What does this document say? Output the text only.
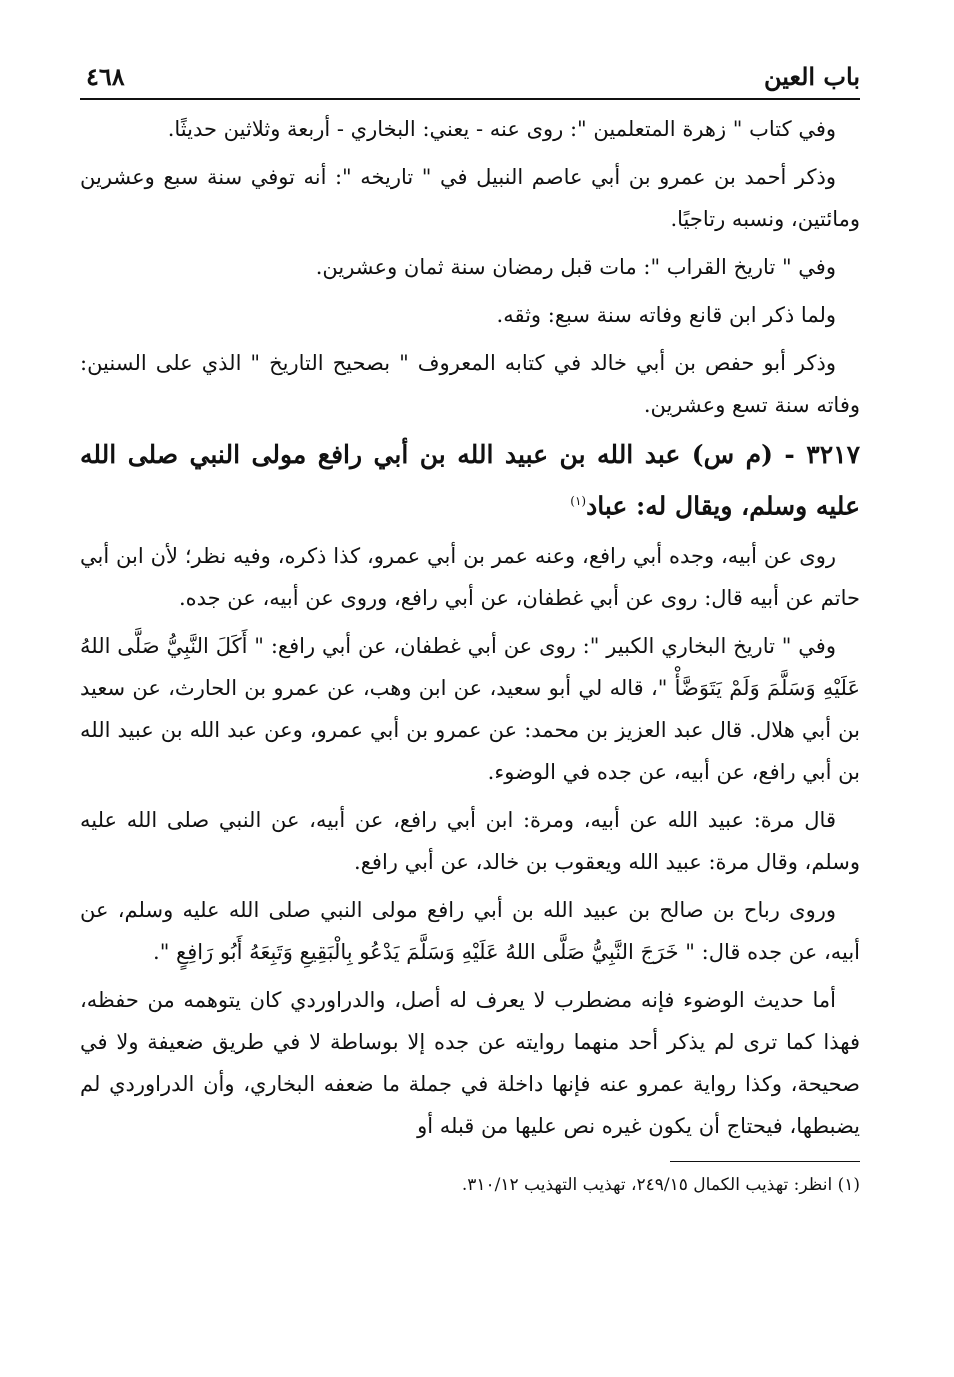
٤٦٨	باب العين

وفي كتاب " زهرة المتعلمين ": روى عنه - يعني: البخاري - أربعة وثلاثين حديثًا.

وذكر أحمد بن عمرو بن أبي عاصم النبيل في " تاريخه ": أنه توفي سنة سبع وعشرين ومائتين، ونسبه رتاجيًا.

وفي " تاريخ القراب ": مات قبل رمضان سنة ثمان وعشرين.

ولما ذكر ابن قانع وفاته سنة سبع: وثقه.

وذكر أبو حفص بن أبي خالد في كتابه المعروف " بصحيح التاريخ " الذي على السنين: وفاته سنة تسع وعشرين.

٣٢١٧ - (م س) عبد الله بن عبيد الله بن أبي رافع مولى النبي صلى الله عليه وسلم، ويقال له: عباد$^{(١)}$

روى عن أبيه، وجده أبي رافع، وعنه عمر بن أبي عمرو، كذا ذكره، وفيه نظر؛ لأن ابن أبي حاتم عن أبيه قال: روى عن أبي غطفان، عن أبي رافع، وروى عن أبيه، عن جده.

وفي " تاريخ البخاري الكبير ": روى عن أبي غطفان، عن أبي رافع: " أَكَلَ النَّبِيُّ صَلَّى اللهُ عَلَيْهِ وَسَلَّمَ وَلَمْ يَتَوَضَّأْ "، قاله لي أبو سعيد، عن ابن وهب، عن عمرو بن الحارث، عن سعيد بن أبي هلال. قال عبد العزيز بن محمد: عن عمرو بن أبي عمرو، وعن عبد الله بن عبيد الله بن أبي رافع، عن أبيه، عن جده في الوضوء.

قال مرة: عبيد الله عن أبيه، ومرة: ابن أبي رافع، عن أبيه، عن النبي صلى الله عليه وسلم، وقال مرة: عبيد الله ويعقوب بن خالد، عن أبي رافع.

وروى رباح بن صالح بن عبيد الله بن أبي رافع مولى النبي صلى الله عليه وسلم، عن أبيه، عن جده قال: " خَرَجَ النَّبِيُّ صَلَّى اللهُ عَلَيْهِ وَسَلَّمَ يَدْعُو بِالْبَقِيعِ وَتَبِعَهُ أَبُو رَافِعٍ ".

أما حديث الوضوء فإنه مضطرب لا يعرف له أصل، والدراوردي كان يتوهمه من حفظه، فهذا كما ترى لم يذكر أحد منهما روايته عن جده إلا بوساطة لا في طريق ضعيفة ولا في صحيحة، وكذا رواية عمرو عنه فإنها داخلة في جملة ما ضعفه البخاري، وأن الدراوردي لم يضبطها، فيحتاج أن يكون غيره نص عليها من قبله أو

(١) انظر: تهذيب الكمال ٢٤٩/١٥، تهذيب التهذيب ٣١٠/١٢.
